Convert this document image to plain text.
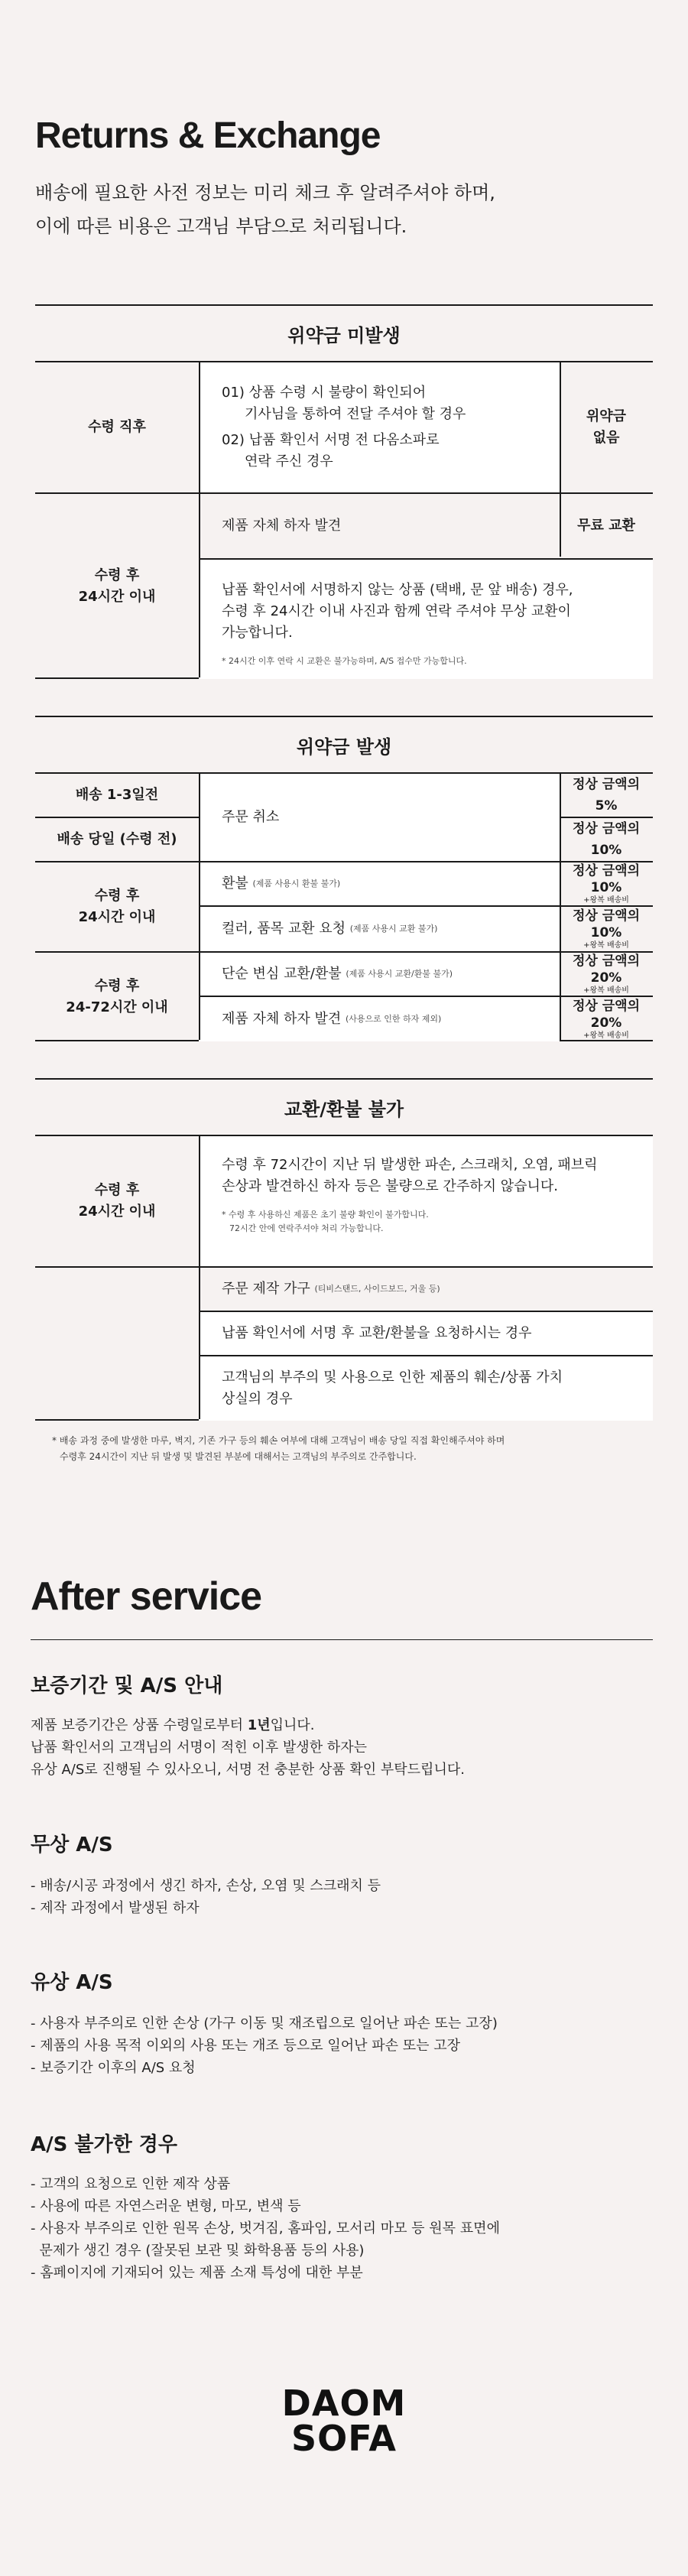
Returns & Exchange
배송에 필요한 사전 정보는 미리 체크 후 알려주셔야 하며,
이에 따른 비용은 고객님 부담으로 처리됩니다.
위약금 미발생
수령 직후
01) 상품 수령 시 불량이 확인되어
기사님을 통하여 전달 주셔야 할 경우
02) 납품 확인서 서명 전 다옴소파로
연락 주신 경우
위약금
없음
수령 후
24시간 이내
제품 자체 하자 발견	무료 교환
납품 확인서에 서명하지 않는 상품 (택배, 문 앞 배송) 경우,
수령 후 24시간 이내 사진과 함께 연락 주셔야 무상 교환이
가능합니다.
* 24시간 이후 연락 시 교환은 불가능하며, A/S 접수만 가능합니다.
위약금 발생
배송 1-3일전
배송 당일 (수령 전)
주문 취소
정상 금액의 5%
정상 금액의 10%
수령 후
24시간 이내
환불
(제품 사용시 환불 불가)
정상 금액의 10%
+왕복 배송비
컬러, 품목 교환 요청
(제품 사용시 교환 불가)
정상 금액의 10%
+왕복 배송비
수령 후
24-72시간 이내
단순 변심 교환/환불
(제품 사용시 교환/환불 불가)
정상 금액의 20%
+왕복 배송비
제품 자체 하자 발견
(사용으로 인한 하자 제외)
정상 금액의 20%
+왕복 배송비
교환/환불 불가
수령 후
24시간 이내
수령 후 72시간이 지난 뒤 발생한 파손, 스크래치, 오염, 패브릭
손상과 발견하신 하자 등은 불량으로 간주하지 않습니다.
* 수령 후 사용하신 제품은 초기 불량 확인이 불가합니다.
72시간 안에 연락주셔야 처리 가능합니다.
주문 제작 가구
(티비스탠드, 사이드보드, 거울 등)
납품 확인서에 서명 후 교환/환불을 요청하시는 경우
고객님의 부주의 및 사용으로 인한 제품의 훼손/상품 가치
상실의 경우
* 배송 과정 중에 발생한 마루, 벽지, 기존 가구 등의 훼손 여부에 대해 고객님이 배송 당일 직접 확인해주셔야 하며
수령후 24시간이 지난 뒤 발생 및 발견된 부분에 대해서는 고객님의 부주의로 간주합니다.
After service
보증기간 및 A/S 안내
제품 보증기간은 상품 수령일로부터 1년입니다.
납품 확인서의 고객님의 서명이 적힌 이후 발생한 하자는
유상 A/S로 진행될 수 있사오니, 서명 전 충분한 상품 확인 부탁드립니다.
무상 A/S
- 배송/시공 과정에서 생긴 하자, 손상, 오염 및 스크래치 등
- 제작 과정에서 발생된 하자
유상 A/S
- 사용자 부주의로 인한 손상 (가구 이동 및 재조립으로 일어난 파손 또는 고장)
- 제품의 사용 목적 이외의 사용 또는 개조 등으로 일어난 파손 또는 고장
- 보증기간 이후의 A/S 요청
A/S 불가한 경우
- 고객의 요청으로 인한 제작 상품
- 사용에 따른 자연스러운 변형, 마모, 변색 등
- 사용자 부주의로 인한 원목 손상, 벗겨짐, 홈파임, 모서리 마모 등 원목 표면에
문제가 생긴 경우 (잘못된 보관 및 화학용품 등의 사용)
- 홈페이지에 기재되어 있는 제품 소재 특성에 대한 부분
DAOM
SOFA
